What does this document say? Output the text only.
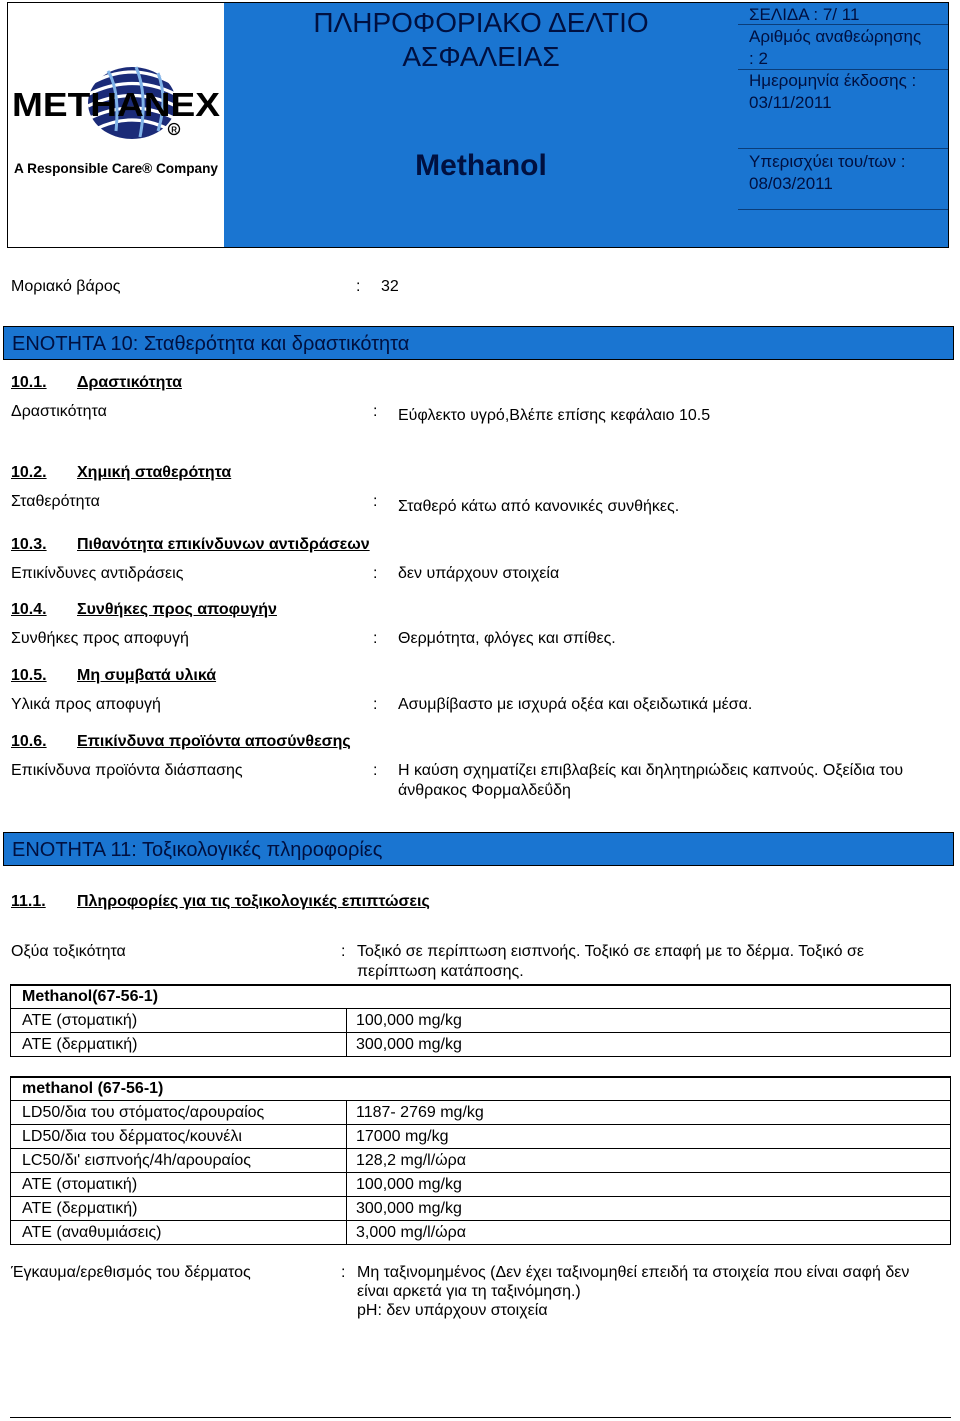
METHANEX
R
A Responsible Care® Company
ΠΛΗΡΟΦΟΡΙΑΚΟ ΔΕΛΤΙΟ
ΑΣΦΑΛΕΙΑΣ
Methanol
ΣΕΛΙΔΑ : 7/ 11
Αριθμός αναθεώρησης
: 2
Ημερομηνία έκδοσης :
03/11/2011
Υπερισχύει του/των :
08/03/2011
Μοριακό βάρος	: 32
ΕΝΟΤΗΤΑ 10: Σταθερότητα και δραστικότητα
10.1. Δραστικότητα
Δραστικότητα	: Εύφλεκτο υγρό,Βλέπε επίσης κεφάλαιο 10.5
10.2. Χημική σταθερότητα
Σταθερότητα	: Σταθερό κάτω από κανονικές συνθήκες.
10.3. Πιθανότητα επικίνδυνων αντιδράσεων
Επικίνδυνες αντιδράσεις	: δεν υπάρχουν στοιχεία
10.4. Συνθήκες προς αποφυγήν
Συνθήκες προς αποφυγή	: Θερμότητα, φλόγες και σπίθες.
10.5. Μη συμβατά υλικά
Υλικά προς αποφυγή	: Ασυμβίβαστο με ισχυρά οξέα και οξειδωτικά μέσα.
10.6. Επικίνδυνα προϊόντα αποσύνθεσης
Επικίνδυνα προϊόντα διάσπασης	: Η καύση σχηματίζει επιβλαβείς και δηλητηριώδεις καπνούς. Οξείδια του
άνθρακος Φορμαλδεΰδη
ΕΝΟΤΗΤΑ 11: Τοξικολογικές πληροφορίες
11.1. Πληροφορίες για τις τοξικολογικές επιπτώσεις
Οξύα τοξικότητα	: Τοξικό σε περίπτωση εισπνοής. Τοξικό σε επαφή με το δέρμα. Τοξικό σε
περίπτωση κατάποσης.
Methanol(67-56-1)
ATE (στοματική)	100,000 mg/kg
ATE (δερματική)	300,000 mg/kg
methanol (67-56-1)
LD50/δια του στόματος/αρουραίος	1187- 2769 mg/kg
LD50/δια του δέρματος/κουνέλι	17000 mg/kg
LC50/δι' εισπνοής/4h/αρουραίος	128,2 mg/l/ώρα
ATE (στοματική)	100,000 mg/kg
ATE (δερματική)	300,000 mg/kg
ATE (αναθυμιάσεις)	3,000 mg/l/ώρα
Έγκαυμα/ερεθισμός του δέρματος	: Μη ταξινομημένος (Δεν έχει ταξινομηθεί επειδή τα στοιχεία που είναι σαφή δεν
είναι αρκετά για τη ταξινόμηση.)
pH: δεν υπάρχουν στοιχεία
